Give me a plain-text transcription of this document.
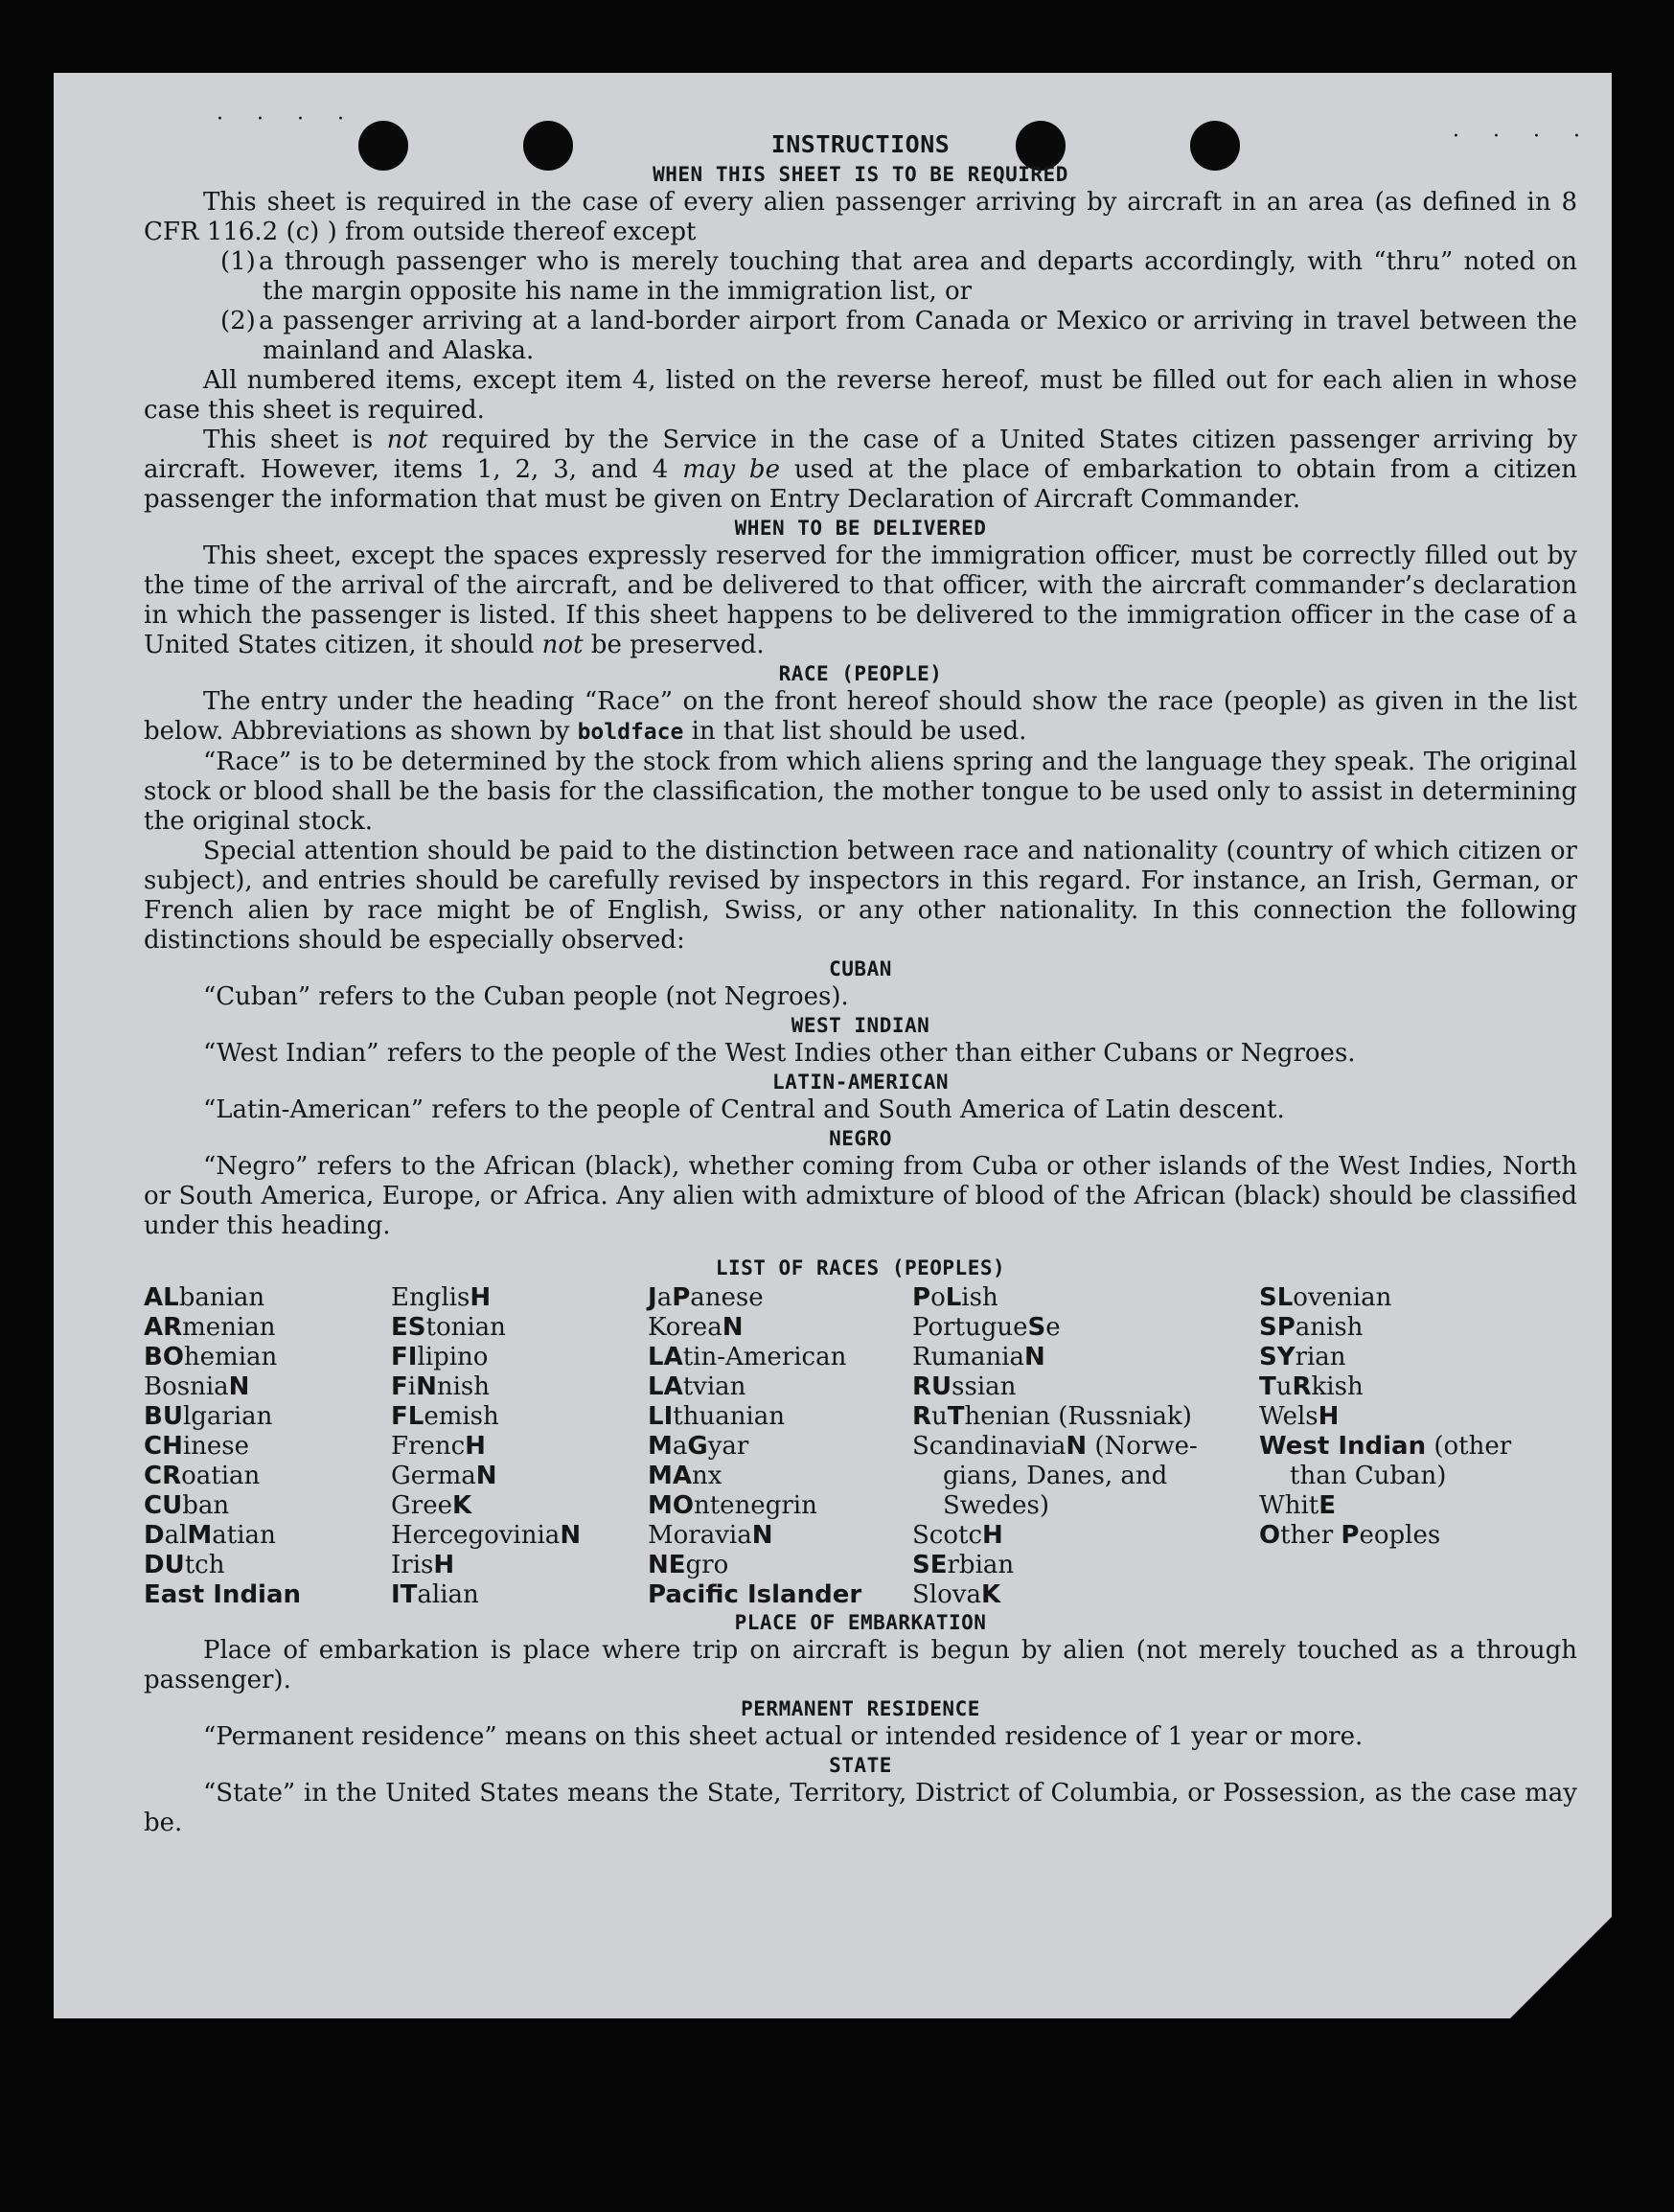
· · · ·
· · · ·
INSTRUCTIONS
WHEN THIS SHEET IS TO BE REQUIRED

This sheet is required in the case of every alien passenger arriving by aircraft in an area (as defined in 8 CFR 116.2 (c) ) from outside thereof except

(1) a through passenger who is merely touching that area and departs accordingly, with “thru” noted on the margin opposite his name in the immigration list, or

(2) a passenger arriving at a land-border airport from Canada or Mexico or arriving in travel between the mainland and Alaska.

All numbered items, except item 4, listed on the reverse hereof, must be filled out for each alien in whose case this sheet is required.

This sheet is not required by the Service in the case of a United States citizen passenger arriving by aircraft. However, items 1, 2, 3, and 4 may be used at the place of embarkation to obtain from a citizen passenger the information that must be given on Entry Declaration of Aircraft Commander.

WHEN TO BE DELIVERED

This sheet, except the spaces expressly reserved for the immigration officer, must be correctly filled out by the time of the arrival of the aircraft, and be delivered to that officer, with the aircraft commander’s declaration in which the passenger is listed. If this sheet happens to be delivered to the immigration officer in the case of a United States citizen, it should not be preserved.

RACE (PEOPLE)

The entry under the heading “Race” on the front hereof should show the race (people) as given in the list below. Abbreviations as shown by boldface in that list should be used.

“Race” is to be determined by the stock from which aliens spring and the language they speak. The original stock or blood shall be the basis for the classification, the mother tongue to be used only to assist in determining the original stock.

Special attention should be paid to the distinction between race and nationality (country of which citizen or subject), and entries should be carefully revised by inspectors in this regard. For instance, an Irish, German, or French alien by race might be of English, Swiss, or any other nationality. In this connection the following distinctions should be especially observed:

CUBAN

“Cuban” refers to the Cuban people (not Negroes).

WEST INDIAN

“West Indian” refers to the people of the West Indies other than either Cubans or Negroes.

LATIN-AMERICAN

“Latin-American” refers to the people of Central and South America of Latin descent.

NEGRO

“Negro” refers to the African (black), whether coming from Cuba or other islands of the West Indies, North or South America, Europe, or Africa. Any alien with admixture of blood of the African (black) should be classified under this heading.

LIST OF RACES (PEOPLES)
ALbanian
ARmenian
BOhemian
BosniaN
BUlgarian
CHinese
CRoatian
CUban
DalMatian
DUtch
East Indian
EnglisH
EStonian
FIlipino
FiNnish
FLemish
FrencH
GermaN
GreeK
HercegoviniaN
IrisH
ITalian
JaPanese
KoreaN
LAtin-American
LAtvian
LIthuanian
MaGyar
MAnx
MOntenegrin
MoraviaN
NEgro
Pacific Islander
PoLish
PortugueSe
RumaniaN
RUssian
RuThenian (Russniak)
ScandinaviaN (Norwe-
gians, Danes, and
Swedes)
ScotcH
SErbian
SlovaK
SLovenian
SPanish
SYrian
TuRkish
WelsH
West Indian (other
than Cuban)
WhitE
Other Peoples
PLACE OF EMBARKATION

Place of embarkation is place where trip on aircraft is begun by alien (not merely touched as a through passenger).

PERMANENT RESIDENCE

“Permanent residence” means on this sheet actual or intended residence of 1 year or more.

STATE

“State” in the United States means the State, Territory, District of Columbia, or Possession, as the case may be.
